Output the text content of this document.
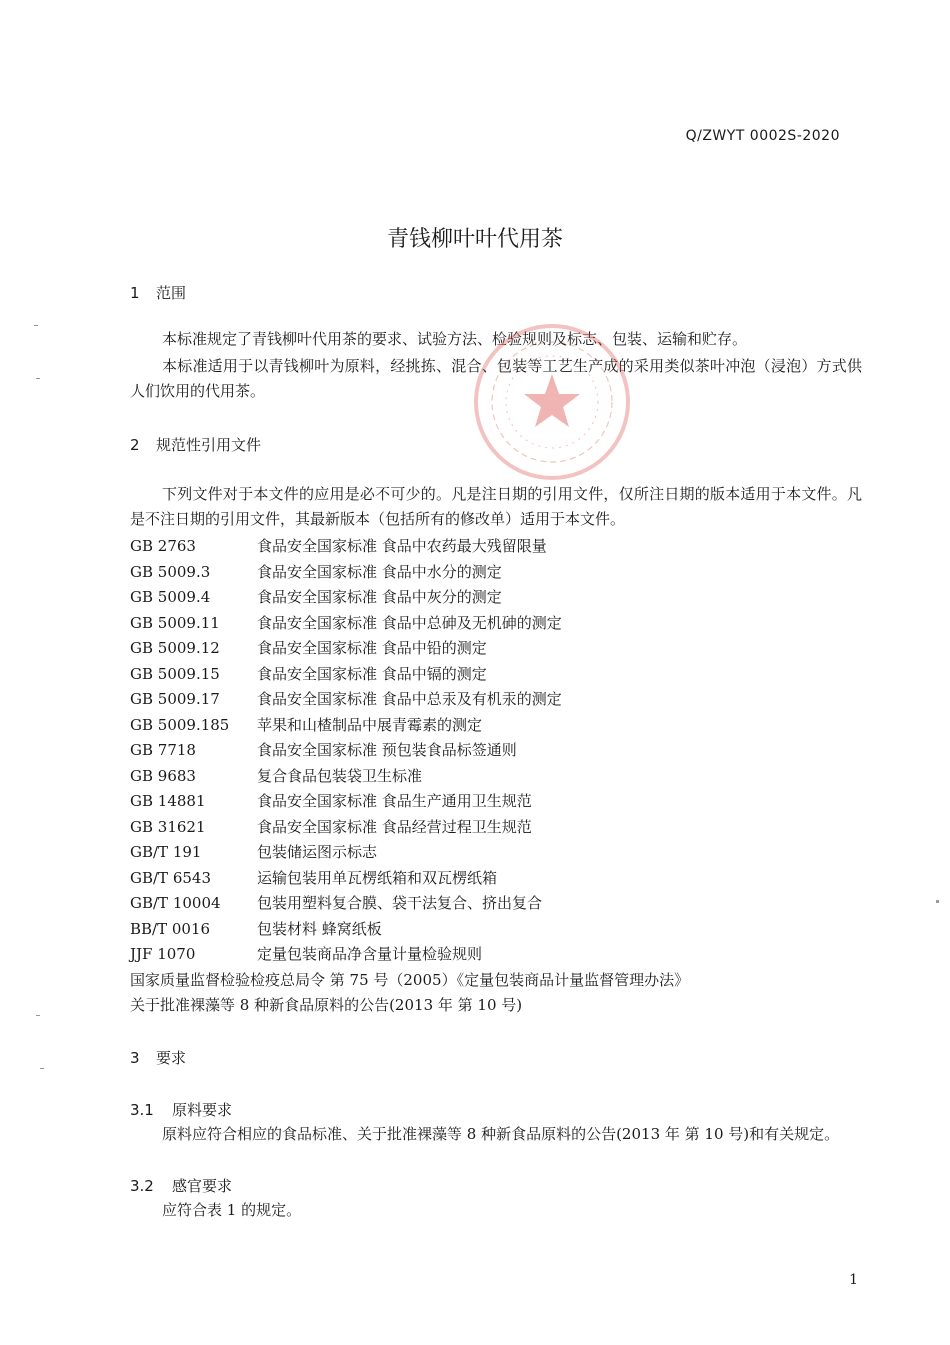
Q/ZWYT 0002S-2020
青钱柳叶叶代用茶
1 范围
本标准规定了青钱柳叶代用茶的要求、试验方法、检验规则及标志、包装、运输和贮存。
本标准适用于以青钱柳叶为原料，经挑拣、混合、包装等工艺生产成的采用类似茶叶冲泡（浸泡）方式供人们饮用的代用茶。
2 规范性引用文件
下列文件对于本文件的应用是必不可少的。凡是注日期的引用文件，仅所注日期的版本适用于本文件。凡是不注日期的引用文件，其最新版本（包括所有的修改单）适用于本文件。
GB 2763	食品安全国家标准 食品中农药最大残留限量
GB 5009.3	食品安全国家标准 食品中水分的测定
GB 5009.4	食品安全国家标准 食品中灰分的测定
GB 5009.11 食品安全国家标准 食品中总砷及无机砷的测定
GB 5009.12 食品安全国家标准 食品中铅的测定
GB 5009.15 食品安全国家标准 食品中镉的测定
GB 5009.17 食品安全国家标准 食品中总汞及有机汞的测定
GB 5009.185 苹果和山楂制品中展青霉素的测定
GB 7718	食品安全国家标准 预包装食品标签通则
GB 9683	复合食品包装袋卫生标准
GB 14881	食品安全国家标准 食品生产通用卫生规范
GB 31621	食品安全国家标准 食品经营过程卫生规范
GB/T 191	包装储运图示标志
GB/T 6543	运输包装用单瓦楞纸箱和双瓦楞纸箱
GB/T 10004 包装用塑料复合膜、袋干法复合、挤出复合
BB/T 0016	包装材料 蜂窝纸板
JJF 1070	定量包装商品净含量计量检验规则
国家质量监督检验检疫总局令 第 75 号（2005）《定量包装商品计量监督管理办法》
关于批准裸藻等 8 种新食品原料的公告(2013 年 第 10 号)
3 要求
3.1 原料要求
原料应符合相应的食品标准、关于批准裸藻等 8 种新食品原料的公告(2013 年 第 10 号)和有关规定。
3.2 感官要求
应符合表 1 的规定。
1
